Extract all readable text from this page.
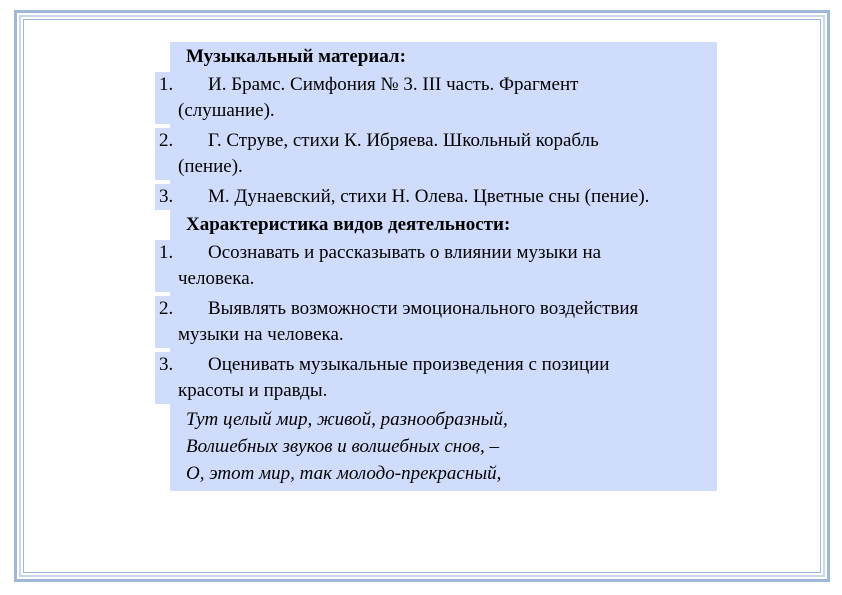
Музыкальный материал:
1. И. Брамс. Симфония № 3. III часть. Фрагмент
(слушание).
2. Г. Струве, стихи К. Ибряева. Школьный корабль
(пение).
3. М. Дунаевский, стихи Н. Олева. Цветные сны (пение).
Характеристика видов деятельности:
1. Осознавать и рассказывать о влиянии музыки на
человека.
2. Выявлять возможности эмоционального воздействия
музыки на человека.
3. Оценивать музыкальные произведения с позиции
красоты и правды.
Тут целый мир, живой, разнообразный,
Волшебных звуков и волшебных снов, –
О, этот мир, так молодо-прекрасный,
